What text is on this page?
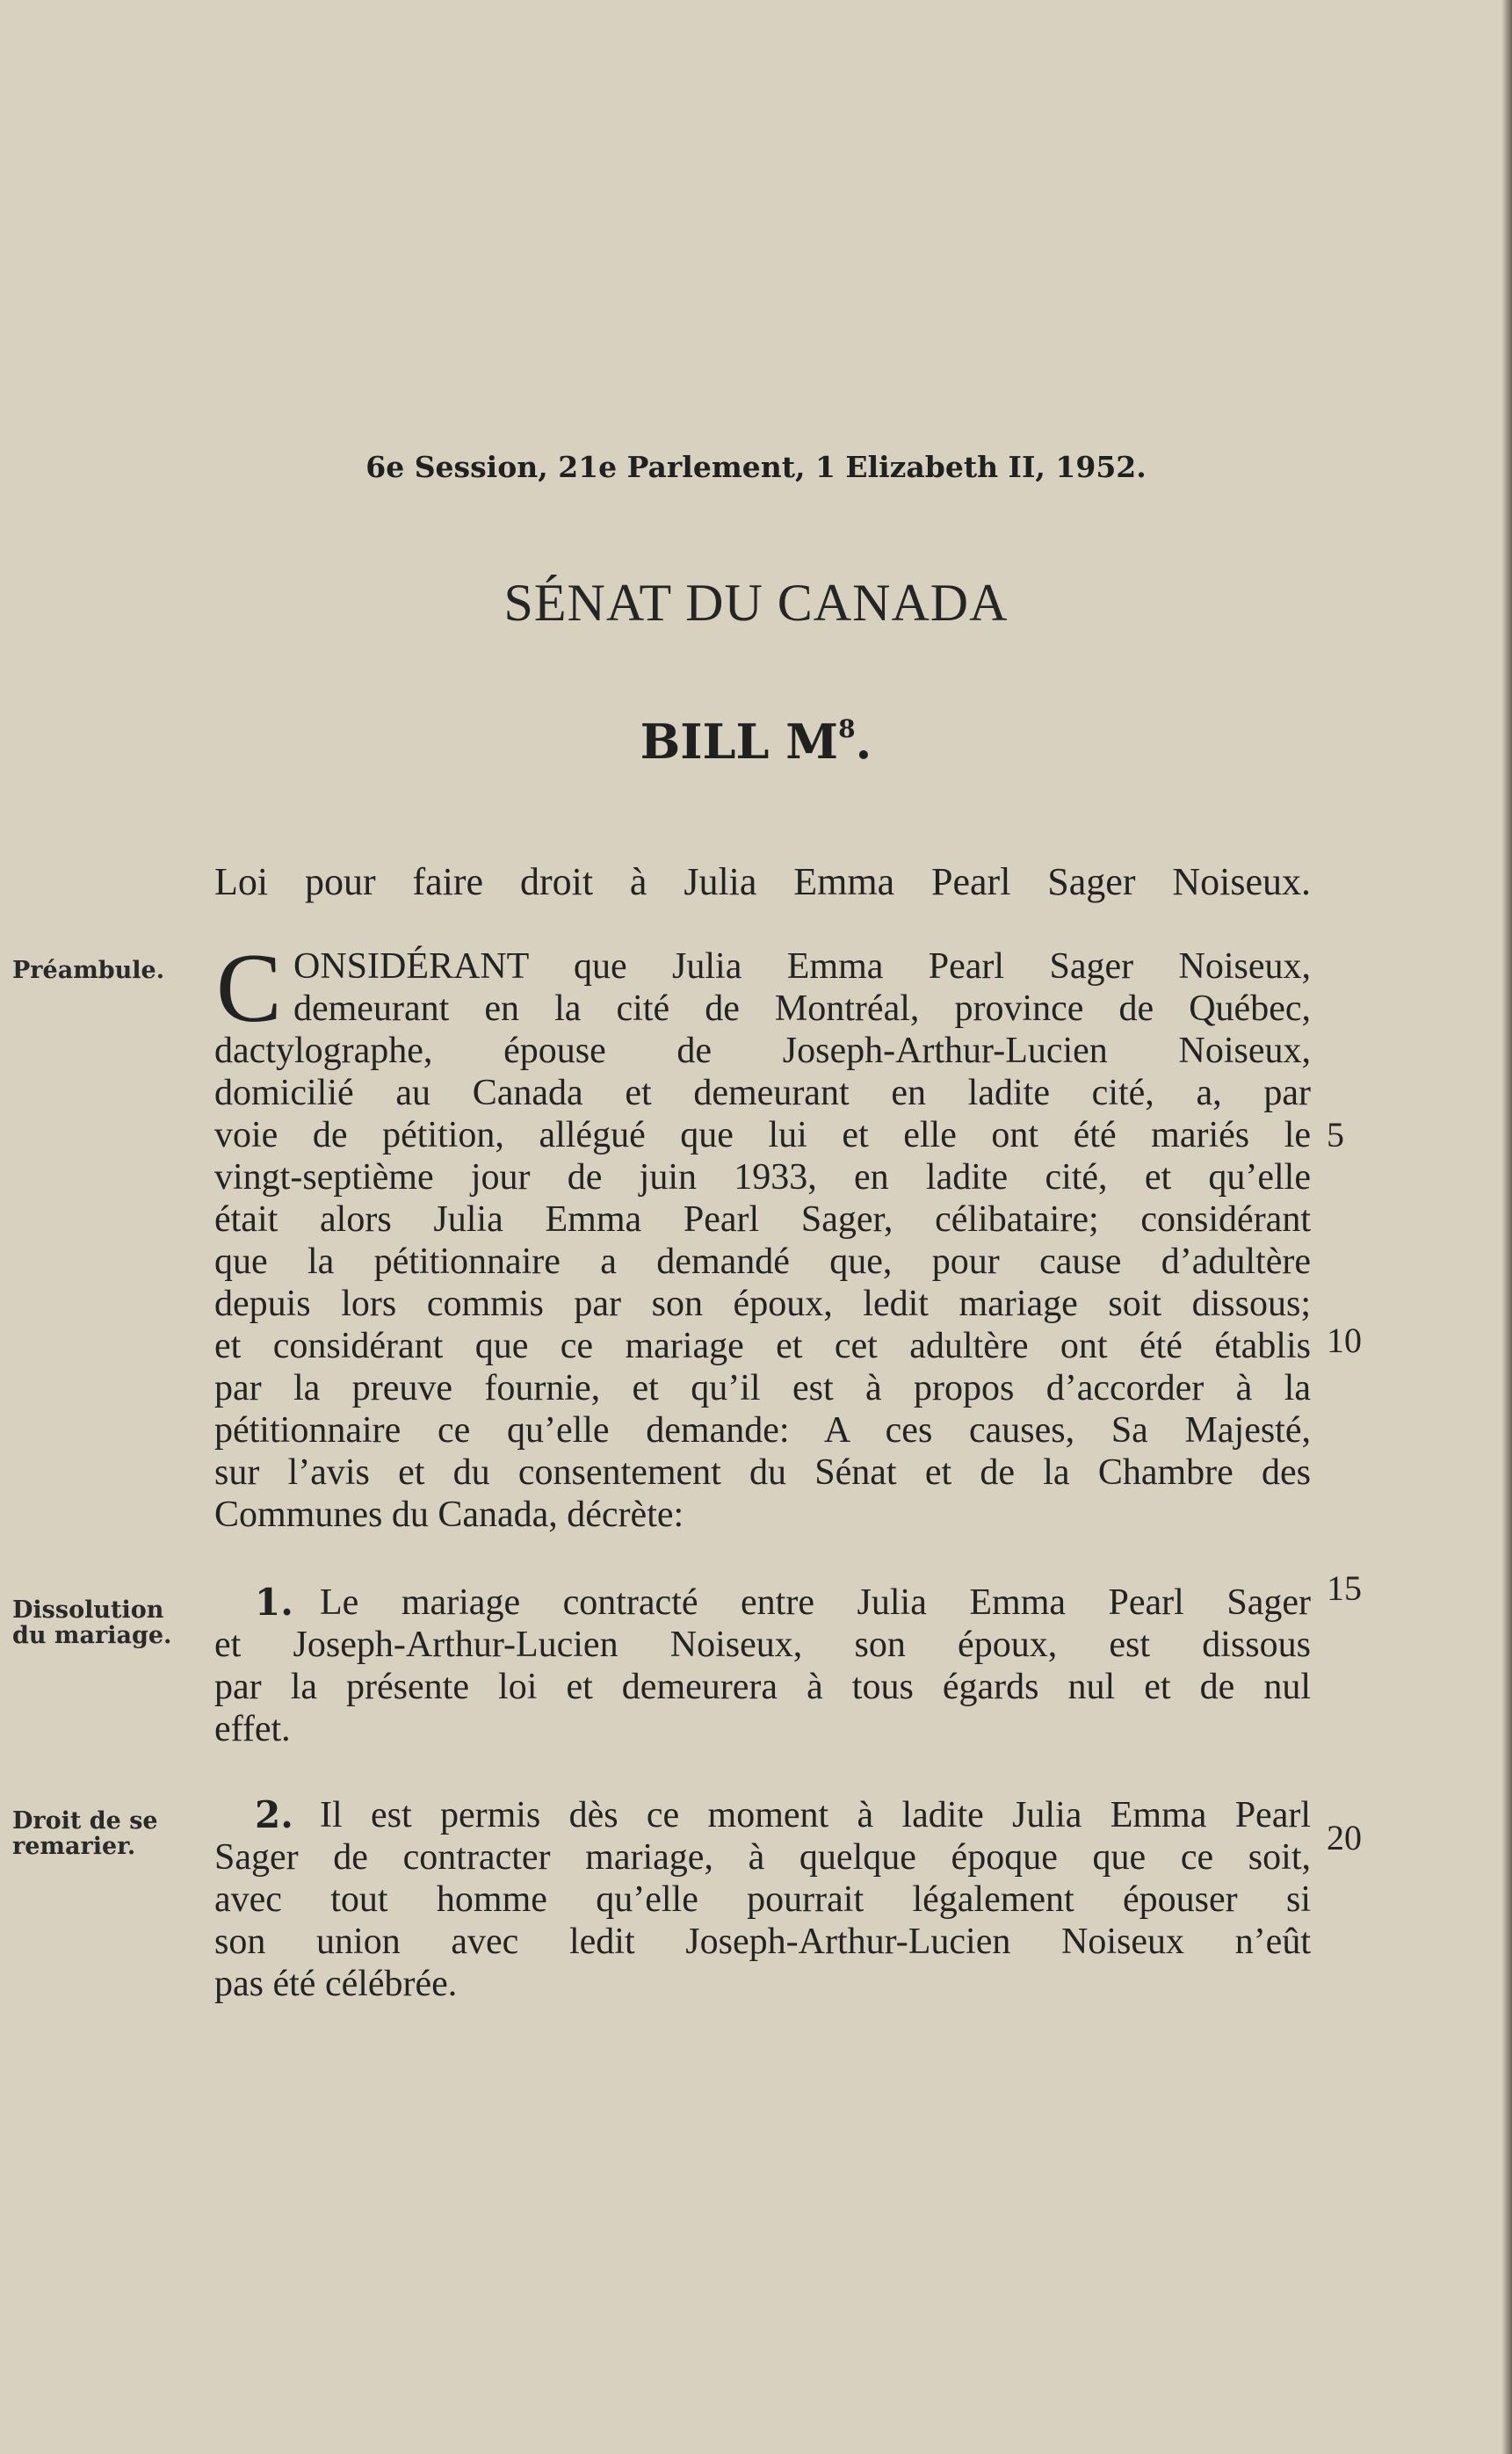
6e Session, 21e Parlement, 1 Elizabeth II, 1952.

SÉNAT DU CANADA

BILL $M^8$.

Loi pour faire droit à Julia Emma Pearl Sager Noiseux.

Préambule.

Dissolution
du mariage.
Droit de se
remarier.
C ONSIDÉRANT que Julia Emma Pearl Sager Noiseux,

demeurant en la cité de Montréal, province de Québec,

dactylographe, épouse de Joseph-Arthur-Lucien Noiseux,

domicilié au Canada et demeurant en ladite cité, a, par

voie de pétition, allégué que lui et elle ont été mariés le

vingt-septième jour de juin 1933, en ladite cité, et qu’elle

était alors Julia Emma Pearl Sager, célibataire; considérant

que la pétitionnaire a demandé que, pour cause d’adultère

depuis lors commis par son époux, ledit mariage soit dissous;

et considérant que ce mariage et cet adultère ont été établis

par la preuve fournie, et qu’il est à propos d’accorder à la

pétitionnaire ce qu’elle demande: A ces causes, Sa Majesté,

sur l’avis et du consentement du Sénat et de la Chambre des

Communes du Canada, décrète:

1. Le mariage contracté entre Julia Emma Pearl Sager

et Joseph-Arthur-Lucien Noiseux, son époux, est dissous

par la présente loi et demeurera à tous égards nul et de nul

effet.

2. Il est permis dès ce moment à ladite Julia Emma Pearl

Sager de contracter mariage, à quelque époque que ce soit,

avec tout homme qu’elle pourrait légalement épouser si

son union avec ledit Joseph-Arthur-Lucien Noiseux n’eût

pas été célébrée.

5

10

15

20
